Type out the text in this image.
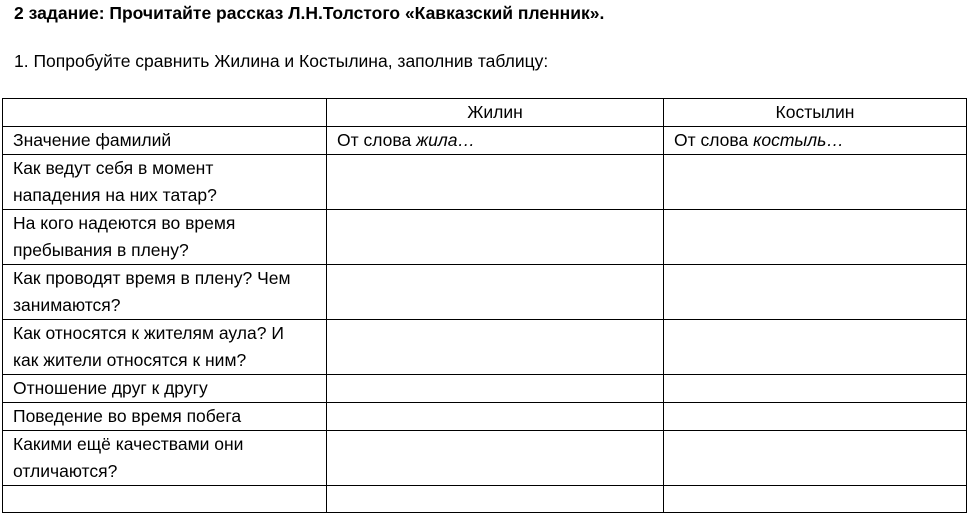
2 задание: Прочитайте рассказ Л.Н.Толстого «Кавказский пленник».
1. Попробуйте сравнить Жилина и Костылина, заполнив таблицу:
	Жилин	Костылин
Значение фамилий	От слова жила…	От слова костыль…

Как ведут себя в момент нападения на них татар?		

На кого надеются во время пребывания в плену?		

Как проводят время в плену? Чем занимаются?		

Как относятся к жителям аула? И как жители относятся к ним?		

Отношение друг к другу		
Поведение во время побега		

Какими ещё качествами они отличаются?		
